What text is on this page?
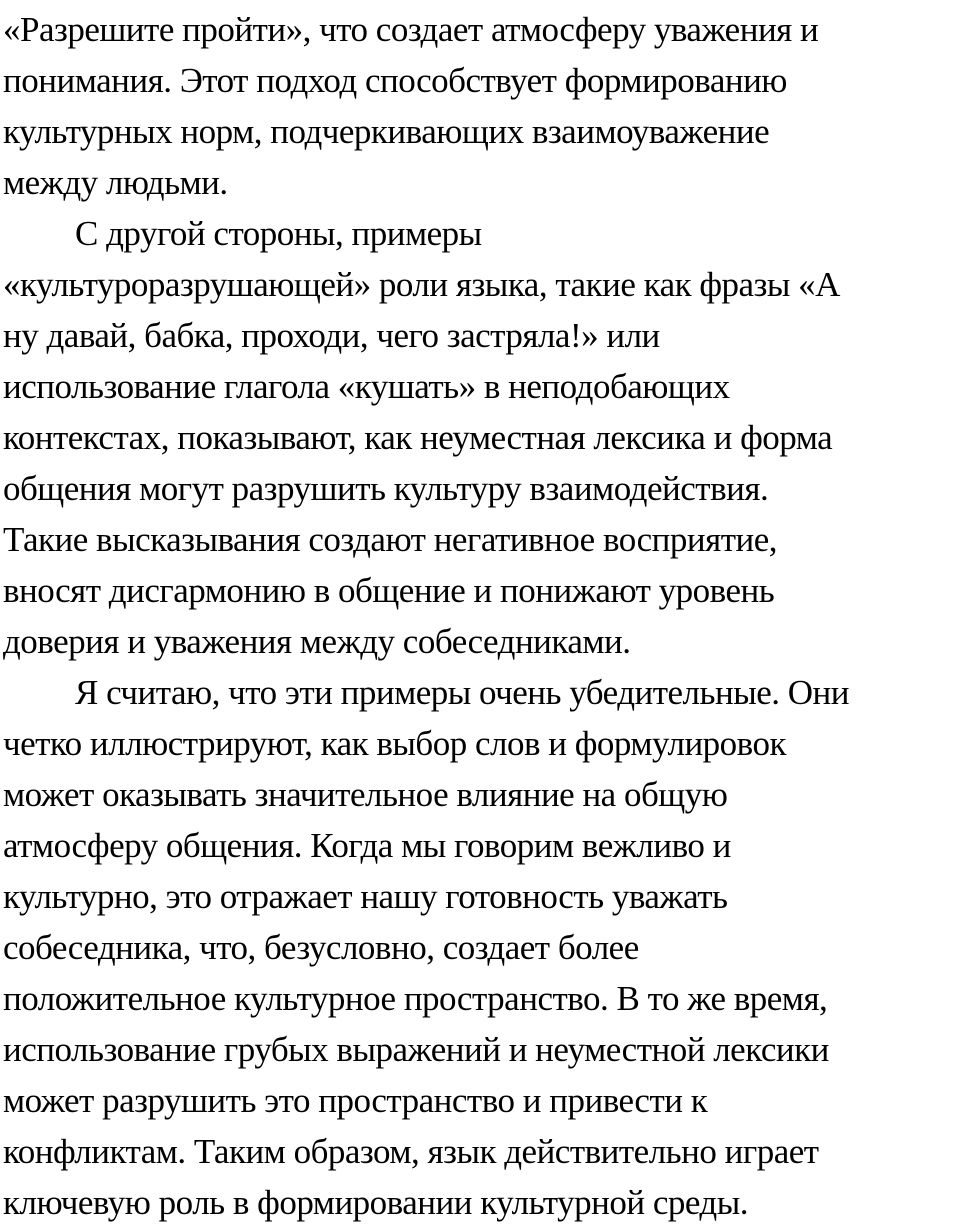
«Разрешите пройти», что создает атмосферу уважения и
понимания. Этот подход способствует формированию
культурных норм, подчеркивающих взаимоуважение
между людьми.
С другой стороны, примеры
«культуроразрушающей» роли языка, такие как фразы «А
ну давай, бабка, проходи, чего застряла!» или
использование глагола «кушать» в неподобающих
контекстах, показывают, как неуместная лексика и форма
общения могут разрушить культуру взаимодействия.
Такие высказывания создают негативное восприятие,
вносят дисгармонию в общение и понижают уровень
доверия и уважения между собеседниками.
Я считаю, что эти примеры очень убедительные. Они
четко иллюстрируют, как выбор слов и формулировок
может оказывать значительное влияние на общую
атмосферу общения. Когда мы говорим вежливо и
культурно, это отражает нашу готовность уважать
собеседника, что, безусловно, создает более
положительное культурное пространство. В то же время,
использование грубых выражений и неуместной лексики
может разрушить это пространство и привести к
конфликтам. Таким образом, язык действительно играет
ключевую роль в формировании культурной среды.
